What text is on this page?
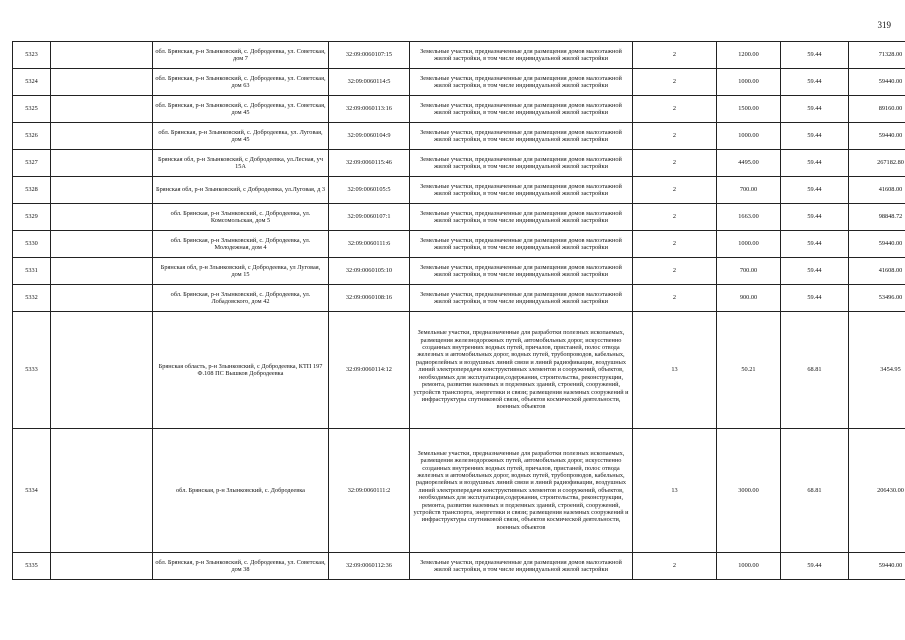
319
5323		обл. Брянская, р-н Злынковский, с. Добродеевка, ул. Советская, дом 7	32:09:0060107:15	Земельные участки, предназначенные для размещения домов малоэтажной жилой застройки, в том числе индивидуальной жилой застройки	2	1200.00	59.44	71328.00
5324		обл. Брянская, р-н Злынковский, с. Добродеевка, ул. Советская, дом 63	32:09:0060114:5	Земельные участки, предназначенные для размещения домов малоэтажной жилой застройки, в том числе индивидуальной жилой застройки	2	1000.00	59.44	59440.00
5325		обл. Брянская, р-н Злынковский, с. Добродеевка, ул. Советская, дом 45	32:09:0060113:16	Земельные участки, предназначенные для размещения домов малоэтажной жилой застройки, в том числе индивидуальной жилой застройки	2	1500.00	59.44	89160.00
5326		обл. Брянская, р-н Злынковский, с. Добродеевка, ул. Луговая, дом 45	32:09:0060104:9	Земельные участки, предназначенные для размещения домов малоэтажной жилой застройки, в том числе индивидуальной жилой застройки	2	1000.00	59.44	59440.00
5327		Брянская обл, р-н Злынковский, с Добродеевка, ул.Лесная, уч 15А	32:09:0060115:46	Земельные участки, предназначенные для размещения домов малоэтажной жилой застройки, в том числе индивидуальной жилой застройки	2	4495.00	59.44	267182.80
5328		Брянская обл, р-н Злынковский, с Добродеевка, ул.Луговая, д 3	32:09:0060105:5	Земельные участки, предназначенные для размещения домов малоэтажной жилой застройки, в том числе индивидуальной жилой застройки	2	700.00	59.44	41608.00
5329		обл. Брянская, р-н Злынковский, с. Добродеевка, ул. Комсомольская, дом 5	32:09:0060107:1	Земельные участки, предназначенные для размещения домов малоэтажной жилой застройки, в том числе индивидуальной жилой застройки	2	1663.00	59.44	98848.72
5330		обл. Брянская, р-н Злынковский, с. Добродеевка, ул. Молодежная, дом 4	32:09:0060111:6	Земельные участки, предназначенные для размещения домов малоэтажной жилой застройки, в том числе индивидуальной жилой застройки	2	1000.00	59.44	59440.00
5331		Брянская обл, р-н Злынковский, с Добродеевка, ул Луговая, дом 15	32:09:0060105:10	Земельные участки, предназначенные для размещения домов малоэтажной жилой застройки, в том числе индивидуальной жилой застройки	2	700.00	59.44	41608.00
5332		обл. Брянская, р-н Злынковский, с. Добродеевка, ул. Лобадовского, дом 42	32:09:0060108:16	Земельные участки, предназначенные для размещения домов малоэтажной жилой застройки, в том числе индивидуальной жилой застройки	2	900.00	59.44	53496.00
5333		Брянская область, р-н Злынковский, с Добродеевка, КТП 197 Ф.108 ПС Вышков Добродеевка	32:09:0060114:12	Земельные участки, предназначенные для разработки полезных ископаемых, размещения железнодорожных путей, автомобильных дорог, искусственно созданных внутренних водных путей, причалов, пристаней, полос отвода железных и автомобильных дорог, водных путей, трубопроводов, кабельных, радиорелейных и воздушных линий связи и линий радиофикации, воздушных линий электропередачи конструктивных элементов и сооружений, объектов, необходимых для эксплуатации,содержания, строительства, реконструкции, ремонта, развития наземных и подземных зданий, строений, сооружений, устройств транспорта, энергетики и связи; размещения наземных сооружений и инфраструктуры спутниковой связи, объектов космической деятельности, военных объектов	13	50.21	68.81	3454.95
5334		обл. Брянская, р-н Злынковский, с. Добродеевка	32:09:0060111:2	Земельные участки, предназначенные для разработки полезных ископаемых, размещения железнодорожных путей, автомобильных дорог, искусственно созданных внутренних водных путей, причалов, пристаней, полос отвода железных и автомобильных дорог, водных путей, трубопроводов, кабельных, радиорелейных и воздушных линий связи и линий радиофикации, воздушных линий электропередачи конструктивных элементов и сооружений, объектов, необходимых для эксплуатации,содержания, строительства, реконструкции, ремонта, развития наземных и подземных зданий, строений, сооружений, устройств транспорта, энергетики и связи; размещения наземных сооружений и инфраструктуры спутниковой связи, объектов космической деятельности, военных объектов	13	3000.00	68.81	206430.00
5335		обл. Брянская, р-н Злынковский, с. Добродеевка, ул. Советская, дом 38	32:09:0060112:36	Земельные участки, предназначенные для размещения домов малоэтажной жилой застройки, в том числе индивидуальной жилой застройки	2	1000.00	59.44	59440.00
